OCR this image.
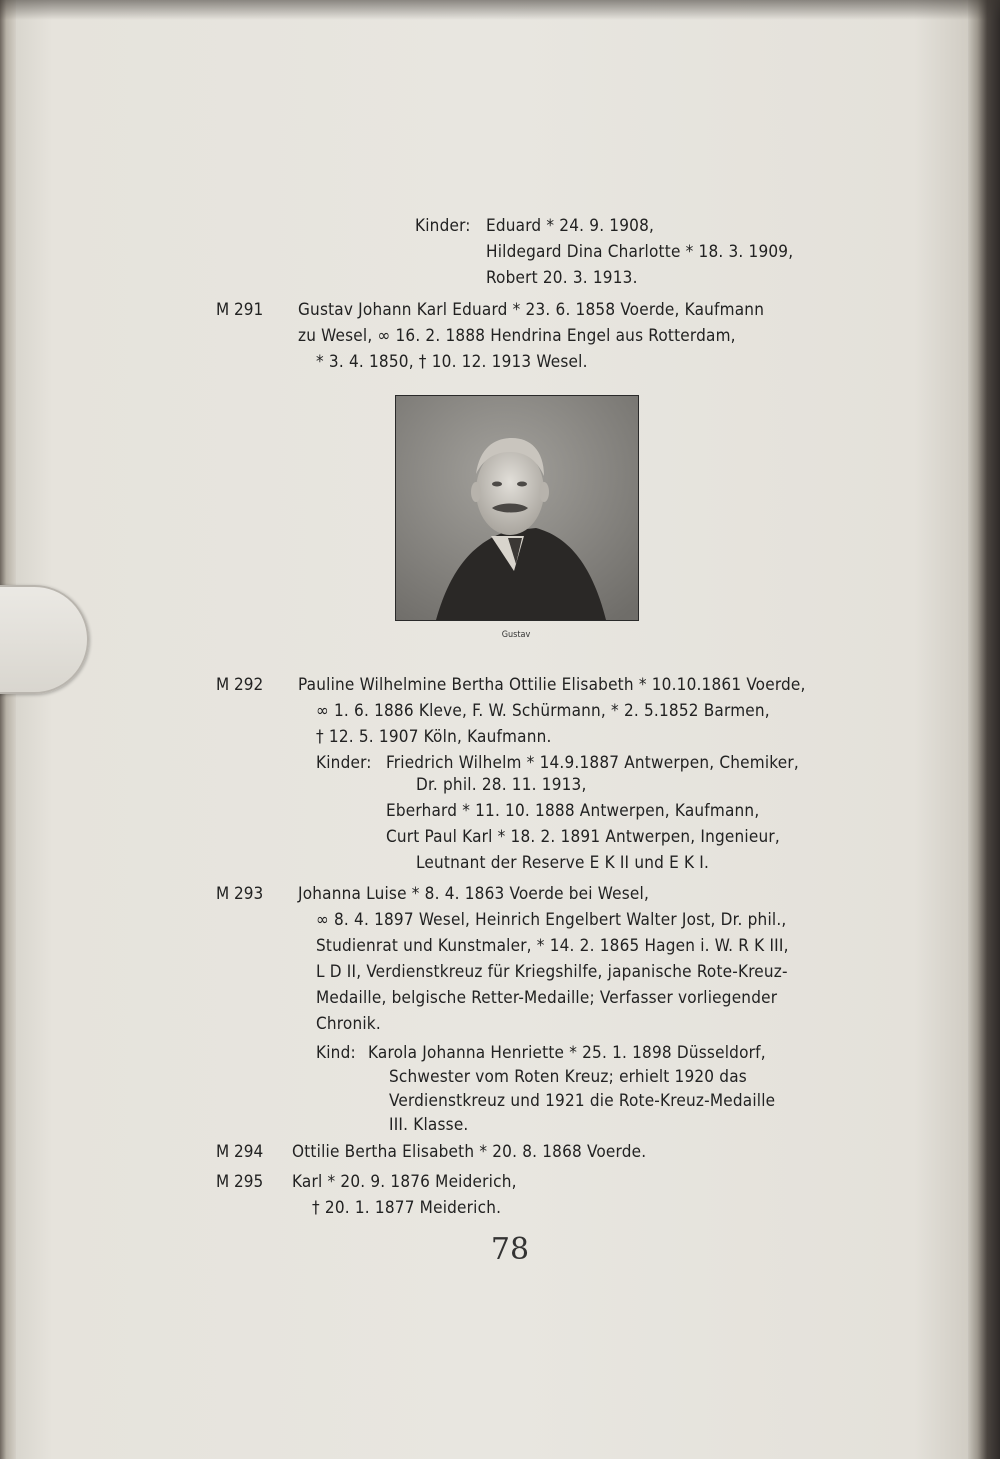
Kinder: Eduard * 24. 9. 1908,
Hildegard Dina Charlotte * 18. 3. 1909,
Robert 20. 3. 1913.
M 291 Gustav Johann Karl Eduard * 23. 6. 1858 Voerde, Kaufmann
zu Wesel, ∞ 16. 2. 1888 Hendrina Engel aus Rotterdam,
* 3. 4. 1850, † 10. 12. 1913 Wesel.
Gustav
M 292 Pauline Wilhelmine Bertha Ottilie Elisabeth * 10.10.1861 Voerde,
∞ 1. 6. 1886 Kleve, F. W. Schürmann, * 2. 5.1852 Barmen,
† 12. 5. 1907 Köln, Kaufmann.
Kinder: Friedrich Wilhelm * 14.9.1887 Antwerpen, Chemiker,
Dr. phil. 28. 11. 1913,
Eberhard * 11. 10. 1888 Antwerpen, Kaufmann,
Curt Paul Karl * 18. 2. 1891 Antwerpen, Ingenieur,
Leutnant der Reserve E K II und E K I.
M 293 Johanna Luise * 8. 4. 1863 Voerde bei Wesel,
∞ 8. 4. 1897 Wesel, Heinrich Engelbert Walter Jost, Dr. phil.,
Studienrat und Kunstmaler, * 14. 2. 1865 Hagen i. W. R K III,
L D II, Verdienstkreuz für Kriegshilfe, japanische Rote-Kreuz-
Medaille, belgische Retter-Medaille; Verfasser vorliegender
Chronik.
Kind: Karola Johanna Henriette * 25. 1. 1898 Düsseldorf,
Schwester vom Roten Kreuz; erhielt 1920 das
Verdienstkreuz und 1921 die Rote-Kreuz-Medaille
III. Klasse.
M 294 Ottilie Bertha Elisabeth * 20. 8. 1868 Voerde.
M 295 Karl * 20. 9. 1876 Meiderich,
† 20. 1. 1877 Meiderich.
78
